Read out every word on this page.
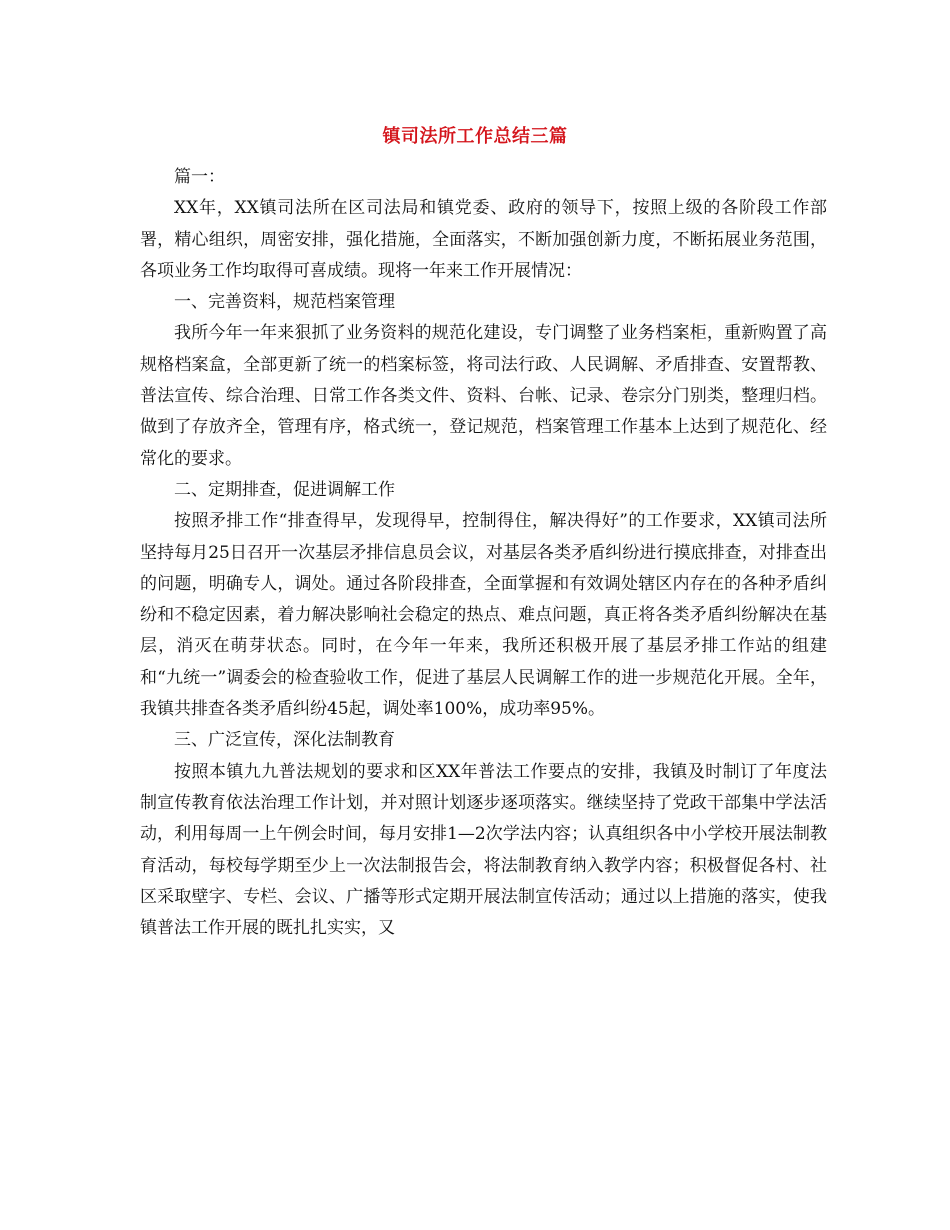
镇司法所工作总结三篇

篇一：

XX年，XX镇司法所在区司法局和镇党委、政府的领导下，按照上级的各阶段工作部署，精心组织，周密安排，强化措施，全面落实，不断加强创新力度，不断拓展业务范围，各项业务工作均取得可喜成绩。现将一年来工作开展情况：

一、完善资料，规范档案管理

我所今年一年来狠抓了业务资料的规范化建设，专门调整了业务档案柜，重新购置了高规格档案盒，全部更新了统一的档案标签，将司法行政、人民调解、矛盾排查、安置帮教、普法宣传、综合治理、日常工作各类文件、资料、台帐、记录、卷宗分门别类，整理归档。做到了存放齐全，管理有序，格式统一，登记规范，档案管理工作基本上达到了规范化、经常化的要求。

二、定期排查，促进调解工作

按照矛排工作“排查得早，发现得早，控制得住，解决得好”的工作要求，XX镇司法所坚持每月25日召开一次基层矛排信息员会议，对基层各类矛盾纠纷进行摸底排查，对排查出的问题，明确专人，调处。通过各阶段排查，全面掌握和有效调处辖区内存在的各种矛盾纠纷和不稳定因素，着力解决影响社会稳定的热点、难点问题，真正将各类矛盾纠纷解决在基层，消灭在萌芽状态。同时，在今年一年来，我所还积极开展了基层矛排工作站的组建和“九统一”调委会的检查验收工作，促进了基层人民调解工作的进一步规范化开展。全年，我镇共排查各类矛盾纠纷45起，调处率100%，成功率95%。

三、广泛宣传，深化法制教育

按照本镇九九普法规划的要求和区XX年普法工作要点的安排，我镇及时制订了年度法制宣传教育依法治理工作计划，并对照计划逐步逐项落实。继续坚持了党政干部集中学法活动，利用每周一上午例会时间，每月安排1—2次学法内容；认真组织各中小学校开展法制教育活动，每校每学期至少上一次法制报告会，将法制教育纳入教学内容；积极督促各村、社区采取壁字、专栏、会议、广播等形式定期开展法制宣传活动；通过以上措施的落实，使我镇普法工作开展的既扎扎实实，又
